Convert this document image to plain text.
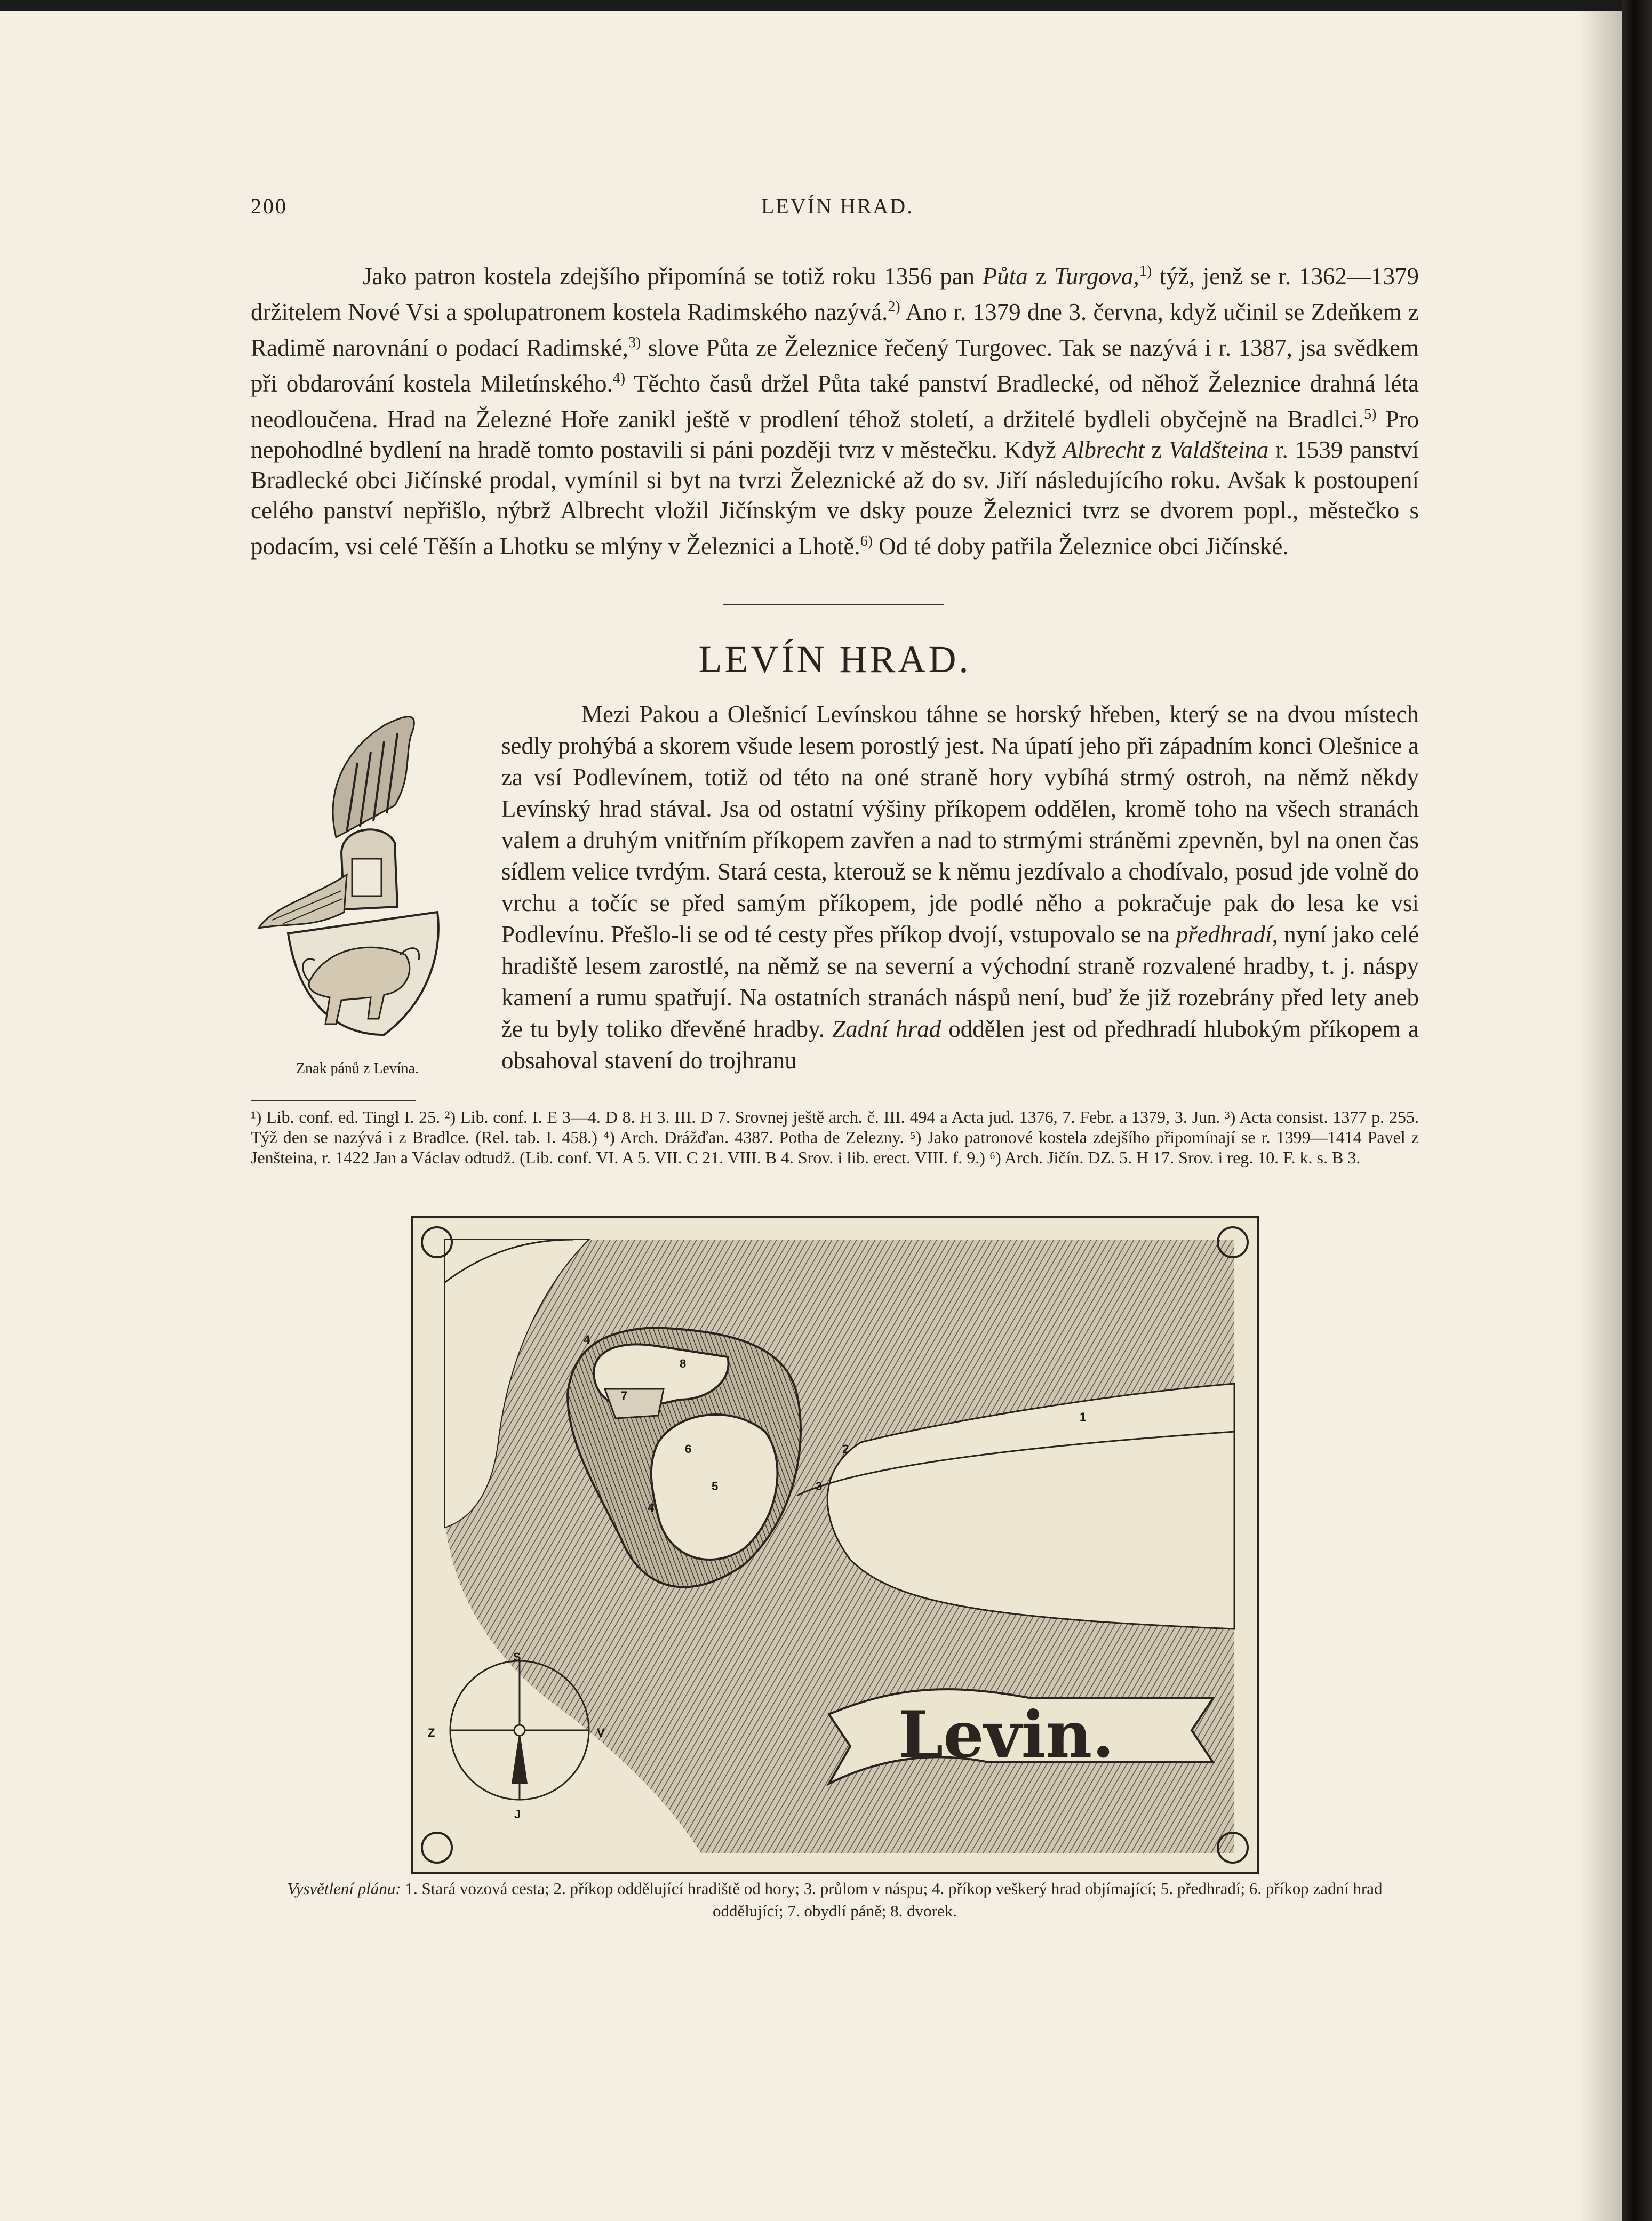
200	LEVÍN HRAD.
Jako patron kostela zdejšího připomíná se totiž roku 1356 pan Půta z Turgova,$^{1)}$ týž, jenž se r. 1362—1379 držitelem Nové Vsi a spolupatronem kostela Radimského nazývá.$^{2)}$ Ano r. 1379 dne 3. června, když učinil se Zdeňkem z Radimě narovnání o podací Radimské,$^{3)}$ slove Půta ze Železnice řečený Turgovec. Tak se nazývá i r. 1387, jsa svědkem při obdarování kostela Miletínského.$^{4)}$ Těchto časů držel Půta také panství Bradlecké, od něhož Železnice drahná léta neodloučena. Hrad na Železné Hoře zanikl ještě v prodlení téhož století, a držitelé bydleli obyčejně na Bradlci.$^{5)}$ Pro nepohodlné bydlení na hradě tomto postavili si páni později tvrz v městečku. Když Albrecht z Valdšteina r. 1539 panství Bradlecké obci Jičínské prodal, vymínil si byt na tvrzi Železnické až do sv. Jiří následujícího roku. Avšak k postoupení celého panství nepřišlo, nýbrž Albrecht vložil Jičínským ve dsky pouze Železnici tvrz se dvorem popl., městečko s podacím, vsi celé Těšín a Lhotku se mlýny v Železnici a Lhotě.$^{6)}$ Od té doby patřila Železnice obci Jičínské.
LEVÍN HRAD.
Znak pánů z Levína.
Mezi Pakou a Olešnicí Levínskou táhne se horský hřeben, který se na dvou místech sedly prohýbá a skorem všude lesem porostlý jest. Na úpatí jeho při západním konci Olešnice a za vsí Podlevínem, totiž od této na oné straně hory vybíhá strmý ostroh, na němž někdy Levínský hrad stával. Jsa od ostatní výšiny příkopem oddělen, kromě toho na všech stranách valem a druhým vnitřním příkopem zavřen a nad to strmými stráněmi zpevněn, byl na onen čas sídlem velice tvrdým. Stará cesta, kterouž se k němu jezdívalo a chodívalo, posud jde volně do vrchu a točíc se před samým příkopem, jde podlé něho a pokračuje pak do lesa ke vsi Podlevínu. Přešlo-li se od té cesty přes příkop dvojí, vstupovalo se na předhradí, nyní jako celé hradiště lesem zarostlé, na němž se na severní a východní straně rozvalené hradby, t. j. náspy kamení a rumu spatřují. Na ostatních stranách náspů není, buď že již rozebrány před lety aneb že tu byly toliko dřevěné hradby. Zadní hrad oddělen jest od předhradí hlubokým příkopem a obsahoval stavení do trojhranu
¹) Lib. conf. ed. Tingl I. 25. ²) Lib. conf. I. E 3—4. D 8. H 3. III. D 7. Srovnej ještě arch. č. III. 494 a Acta jud. 1376, 7. Febr. a 1379, 3. Jun. ³) Acta consist. 1377 p. 255. Týž den se nazývá i z Bradlce. (Rel. tab. I. 458.) ⁴) Arch. Drážďan. 4387. Potha de Zelezny. ⁵) Jako patronové kostela zdejšího připomínají se r. 1399—1414 Pavel z Jenšteina, r. 1422 Jan a Václav odtudž. (Lib. conf. VI. A 5. VII. C 21. VIII. B 4. Srov. i lib. erect. VIII. f. 9.) ⁶) Arch. Jičín. DZ. 5. H 17. Srov. i reg. 10. F. k. s. B 3.
Levin.
S
J
V
Z
1
2
3
4
4
5
6
7
8
Vysvětlení plánu: 1. Stará vozová cesta; 2. příkop oddělující hradiště od hory; 3. průlom v náspu; 4. příkop veškerý hrad objímající; 5. předhradí; 6. příkop zadní hrad oddělující; 7. obydlí páně; 8. dvorek.
